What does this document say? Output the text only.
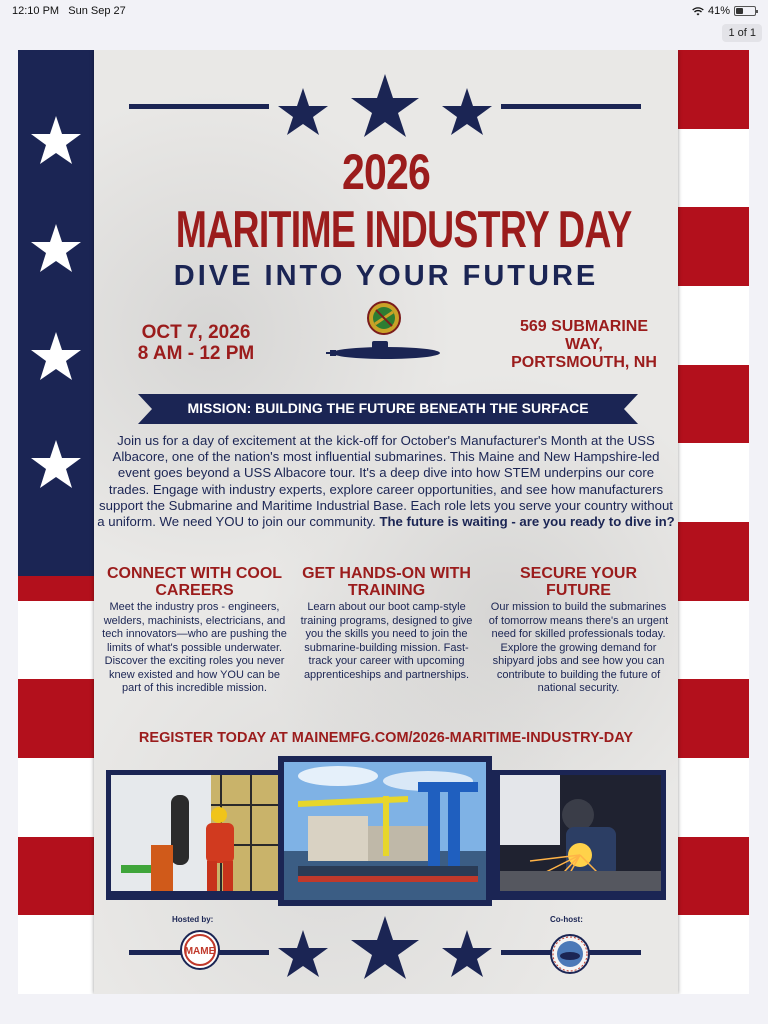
12:10 PM Sun Sep 27	41%
1 of 1
2026
MARITIME INDUSTRY DAY
DIVE INTO YOUR FUTURE
OCT 7, 2026
8 AM - 12 PM
569 SUBMARINE
WAY,
PORTSMOUTH, NH
MISSION: BUILDING THE FUTURE BENEATH THE SURFACE
Join us for a day of excitement at the kick-off for October's Manufacturer's Month at the USS Albacore, one of the nation's most influential submarines. This Maine and New Hampshire-led event goes beyond a USS Albacore tour. It's a deep dive into how STEM underpins our core trades. Engage with industry experts, explore career opportunities, and see how manufacturers support the Submarine and Maritime Industrial Base. Each role lets you serve your country without a uniform. We need YOU to join our community. The future is waiting - are you ready to dive in?
CONNECT WITH COOL CAREERS

Meet the industry pros - engineers, welders, machinists, electricians, and tech innovators—who are pushing the limits of what's possible underwater. Discover the exciting roles you never knew existed and how YOU can be part of this incredible mission.

GET HANDS-ON WITH TRAINING

Learn about our boot camp-style training programs, designed to give you the skills you need to join the submarine-building mission. Fast-track your career with upcoming apprenticeships and partnerships.

SECURE YOUR FUTURE

Our mission to build the submarines of tomorrow means there's an urgent need for skilled professionals today. Explore the growing demand for shipyard jobs and see how you can contribute to building the future of national security.

REGISTER TODAY AT MAINEMFG.COM/2026-MARITIME-INDUSTRY-DAY
Hosted by:	Co-host:
MAME
